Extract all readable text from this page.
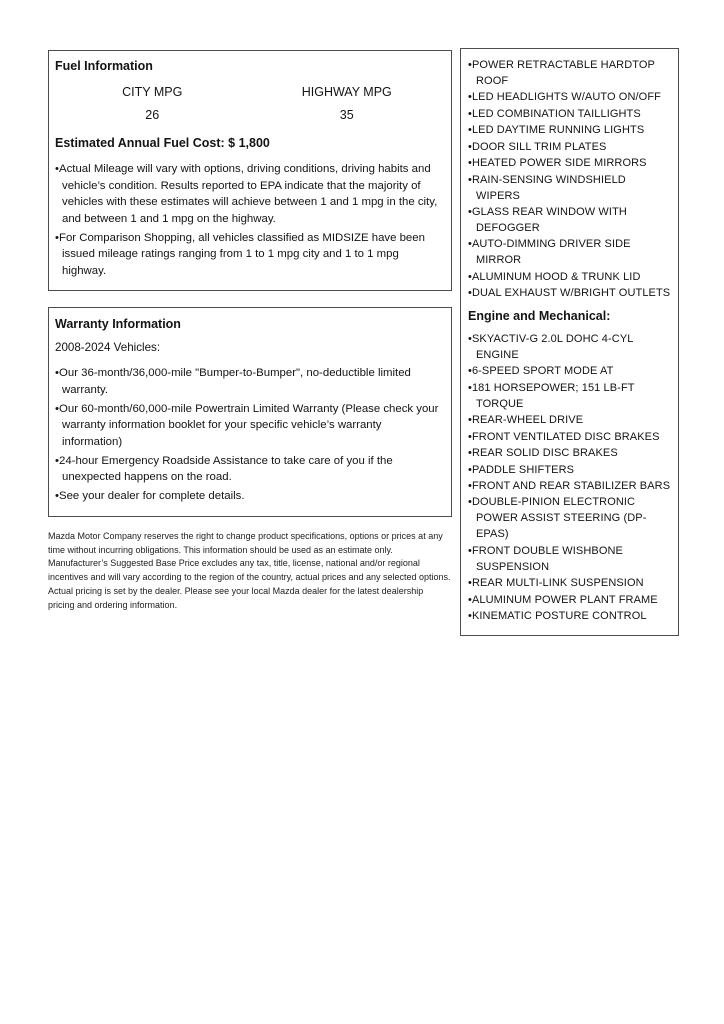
Fuel Information
CITY MPG
26
HIGHWAY MPG
35
Estimated Annual Fuel Cost: $ 1,800
• Actual Mileage will vary with options, driving conditions, driving habits and vehicle’s condition. Results reported to EPA indicate that the majority of vehicles with these estimates will achieve between 1 and 1 mpg in the city, and between 1 and 1 mpg on the highway.
• For Comparison Shopping, all vehicles classified as MIDSIZE have been issued mileage ratings ranging from 1 to 1 mpg city and 1 to 1 mpg highway.
Warranty Information
2008-2024 Vehicles:
• Our 36-month/36,000-mile "Bumper-to-Bumper", no-deductible limited warranty.
• Our 60-month/60,000-mile Powertrain Limited Warranty (Please check your warranty information booklet for your specific vehicle’s warranty information)
• 24-hour Emergency Roadside Assistance to take care of you if the unexpected happens on the road.
• See your dealer for complete details.

Mazda Motor Company reserves the right to change product specifications, options or prices at any time without incurring obligations. This information should be used as an estimate only. Manufacturer’s Suggested Base Price excludes any tax, title, license, national and/or regional incentives and will vary according to the region of the country, actual prices and any selected options. Actual pricing is set by the dealer. Please see your local Mazda dealer for the latest dealership pricing and ordering information.

• POWER RETRACTABLE HARDTOP ROOF
• LED HEADLIGHTS W/AUTO ON/OFF
• LED COMBINATION TAILLIGHTS
• LED DAYTIME RUNNING LIGHTS
• DOOR SILL TRIM PLATES
• HEATED POWER SIDE MIRRORS
• RAIN-SENSING WINDSHIELD WIPERS
• GLASS REAR WINDOW WITH DEFOGGER
• AUTO-DIMMING DRIVER SIDE MIRROR
• ALUMINUM HOOD & TRUNK LID
• DUAL EXHAUST W/BRIGHT OUTLETS
Engine and Mechanical:
• SKYACTIV-G 2.0L DOHC 4-CYL ENGINE
• 6-SPEED SPORT MODE AT
• 181 HORSEPOWER; 151 LB-FT TORQUE
• REAR-WHEEL DRIVE
• FRONT VENTILATED DISC BRAKES
• REAR SOLID DISC BRAKES
• PADDLE SHIFTERS
• FRONT AND REAR STABILIZER BARS
• DOUBLE-PINION ELECTRONIC POWER ASSIST STEERING (DP-EPAS)
• FRONT DOUBLE WISHBONE SUSPENSION
• REAR MULTI-LINK SUSPENSION
• ALUMINUM POWER PLANT FRAME
• KINEMATIC POSTURE CONTROL
